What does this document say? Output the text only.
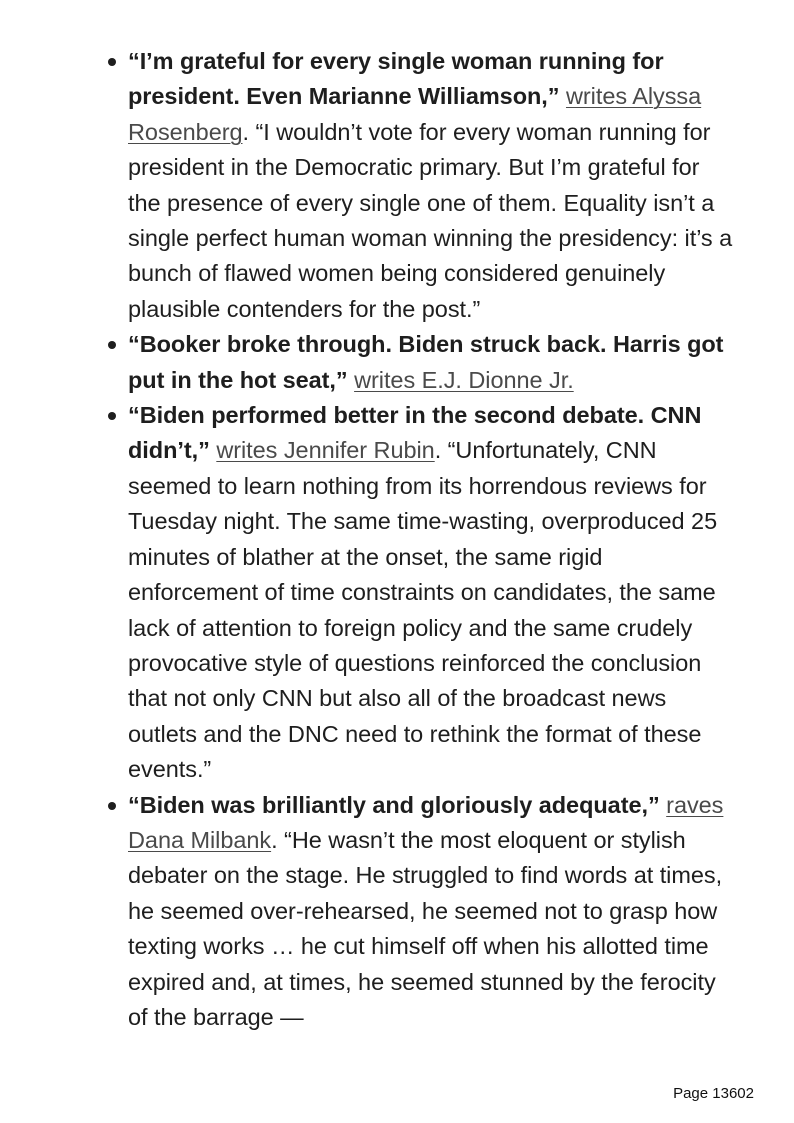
“I’m grateful for every single woman running for president. Even Marianne Williamson,” writes Alyssa Rosenberg. “I wouldn’t vote for every woman running for president in the Democratic primary. But I’m grateful for the presence of every single one of them. Equality isn’t a single perfect human woman winning the presidency: it’s a bunch of flawed women being considered genuinely plausible contenders for the post.”
“Booker broke through. Biden struck back. Harris got put in the hot seat,” writes E.J. Dionne Jr.
“Biden performed better in the second debate. CNN didn’t,” writes Jennifer Rubin. “Unfortunately, CNN seemed to learn nothing from its horrendous reviews for Tuesday night. The same time-wasting, overproduced 25 minutes of blather at the onset, the same rigid enforcement of time constraints on candidates, the same lack of attention to foreign policy and the same crudely provocative style of questions reinforced the conclusion that not only CNN but also all of the broadcast news outlets and the DNC need to rethink the format of these events.”
“Biden was brilliantly and gloriously adequate,” raves Dana Milbank. “He wasn’t the most eloquent or stylish debater on the stage. He struggled to find words at times, he seemed over-rehearsed, he seemed not to grasp how texting works … he cut himself off when his allotted time expired and, at times, he seemed stunned by the ferocity of the barrage —
Page 13602
